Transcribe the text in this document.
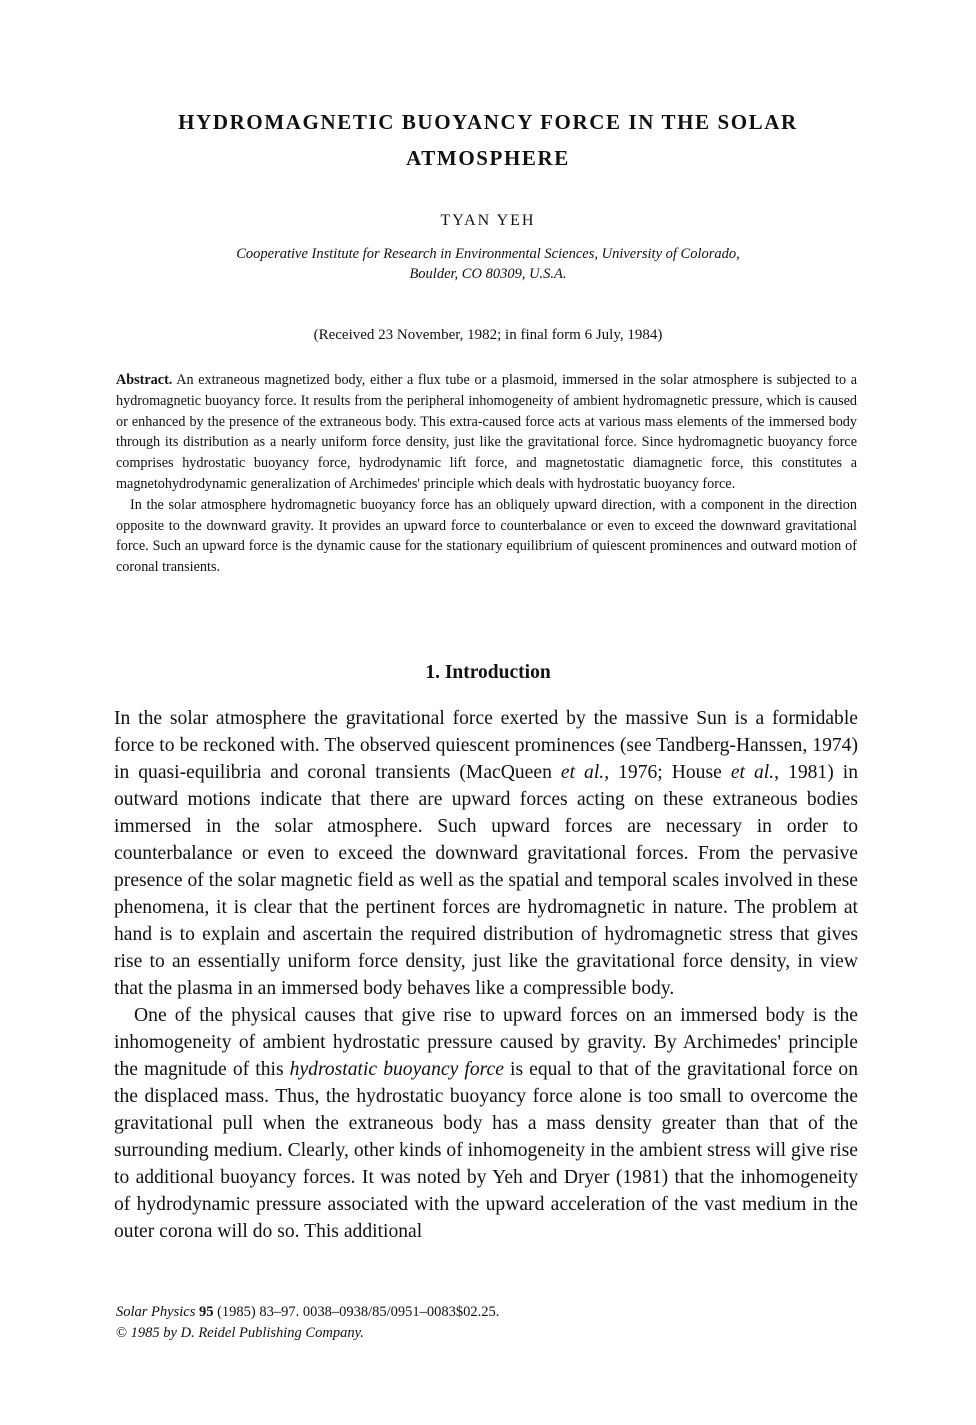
HYDROMAGNETIC BUOYANCY FORCE IN THE SOLAR ATMOSPHERE
TYAN YEH
Cooperative Institute for Research in Environmental Sciences, University of Colorado,
Boulder, CO 80309, U.S.A.
(Received 23 November, 1982; in final form 6 July, 1984)

Abstract. An extraneous magnetized body, either a flux tube or a plasmoid, immersed in the solar atmosphere is subjected to a hydromagnetic buoyancy force. It results from the peripheral inhomogeneity of ambient hydromagnetic pressure, which is caused or enhanced by the presence of the extraneous body. This extra-caused force acts at various mass elements of the immersed body through its distribution as a nearly uniform force density, just like the gravitational force. Since hydromagnetic buoyancy force comprises hydrostatic buoyancy force, hydrodynamic lift force, and magnetostatic diamagnetic force, this constitutes a magnetohydrodynamic generalization of Archimedes' principle which deals with hydrostatic buoyancy force.

In the solar atmosphere hydromagnetic buoyancy force has an obliquely upward direction, with a component in the direction opposite to the downward gravity. It provides an upward force to counterbalance or even to exceed the downward gravitational force. Such an upward force is the dynamic cause for the stationary equilibrium of quiescent prominences and outward motion of coronal transients.

1. Introduction

In the solar atmosphere the gravitational force exerted by the massive Sun is a formidable force to be reckoned with. The observed quiescent prominences (see Tandberg-Hanssen, 1974) in quasi-equilibria and coronal transients (MacQueen et al., 1976; House et al., 1981) in outward motions indicate that there are upward forces acting on these extraneous bodies immersed in the solar atmosphere. Such upward forces are necessary in order to counterbalance or even to exceed the downward gravitational forces. From the pervasive presence of the solar magnetic field as well as the spatial and temporal scales involved in these phenomena, it is clear that the pertinent forces are hydromagnetic in nature. The problem at hand is to explain and ascertain the required distribution of hydromagnetic stress that gives rise to an essentially uniform force density, just like the gravitational force density, in view that the plasma in an immersed body behaves like a compressible body.

One of the physical causes that give rise to upward forces on an immersed body is the inhomogeneity of ambient hydrostatic pressure caused by gravity. By Archimedes' principle the magnitude of this hydrostatic buoyancy force is equal to that of the gravitational force on the displaced mass. Thus, the hydrostatic buoyancy force alone is too small to overcome the gravitational pull when the extraneous body has a mass density greater than that of the surrounding medium. Clearly, other kinds of inhomogeneity in the ambient stress will give rise to additional buoyancy forces. It was noted by Yeh and Dryer (1981) that the inhomogeneity of hydrodynamic pressure associated with the upward acceleration of the vast medium in the outer corona will do so. This additional

Solar Physics 95 (1985) 83–97. 0038–0938/85/0951–0083$02.25.
© 1985 by D. Reidel Publishing Company.
